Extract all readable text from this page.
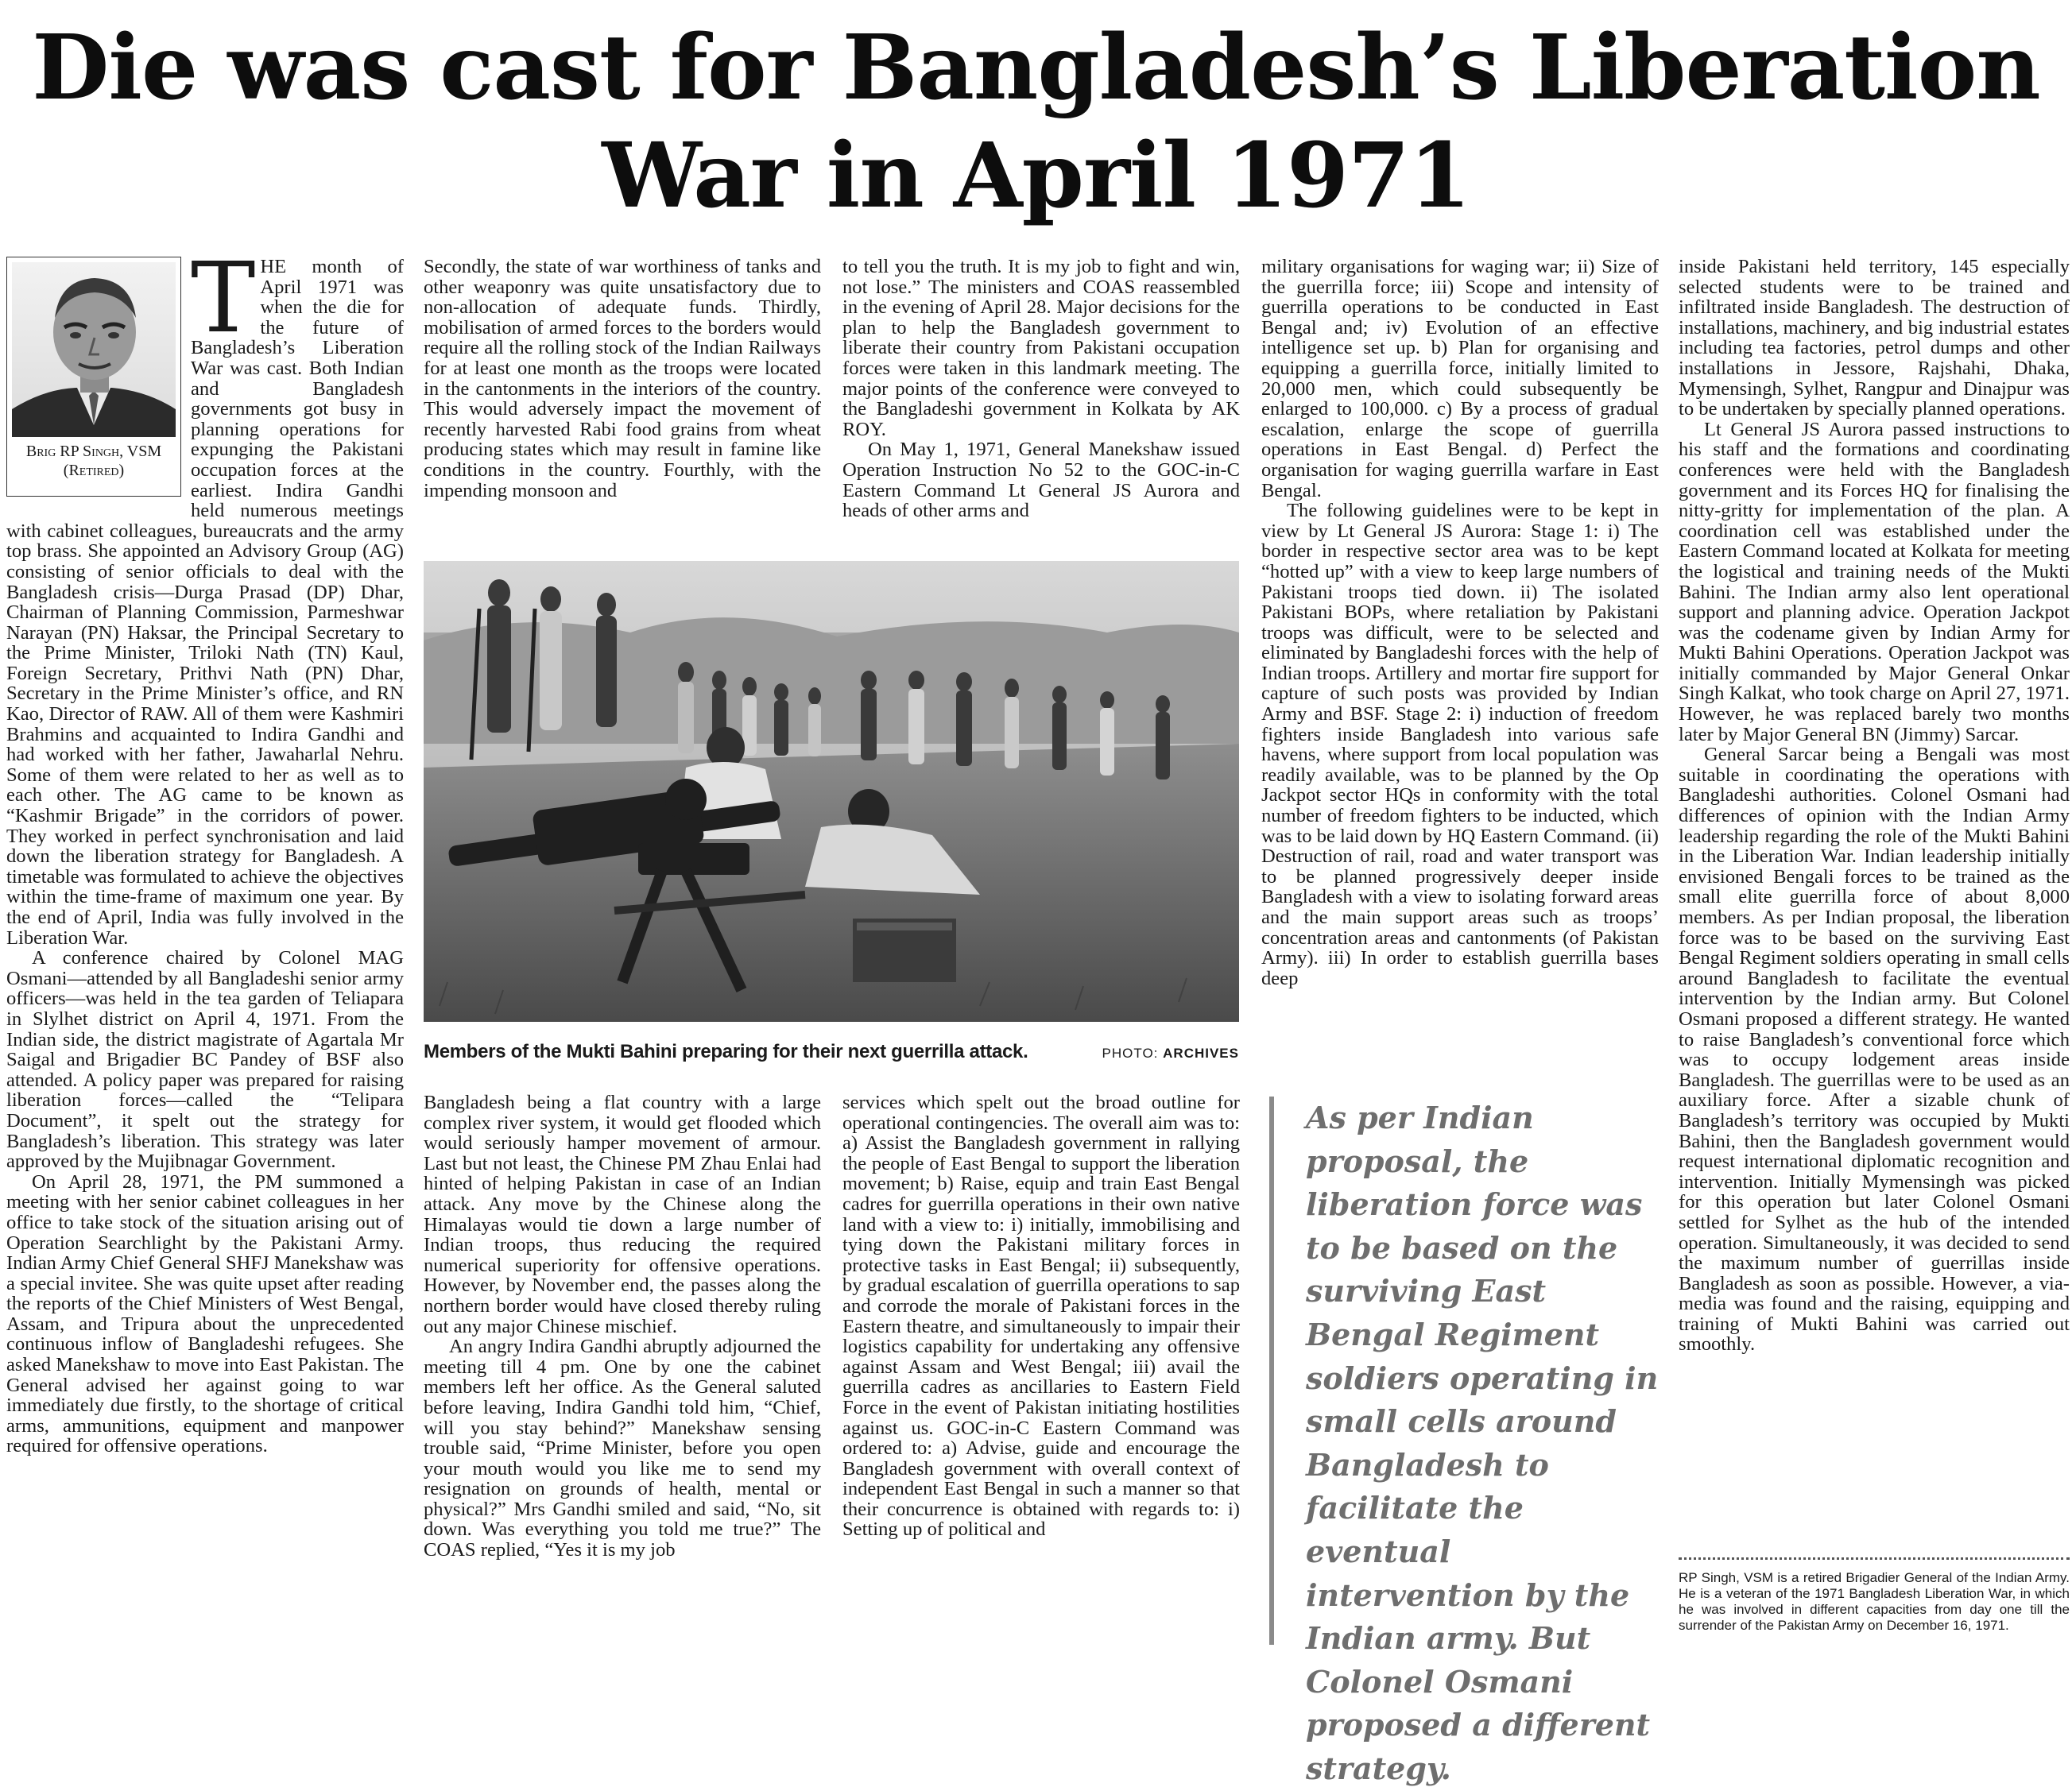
Die was cast for Bangladesh’s Liberation
War in April 1971
Brig RP Singh, VSM
(Retired)

THE month of April 1971 was when the die for the future of Bangladesh’s Liberation War was cast. Both Indian and Bangladesh governments got busy in planning operations for expunging the Pakistani occupation forces at the earliest. Indira Gandhi held numerous meetings with cabinet colleagues, bureaucrats and the army top brass. She appointed an Advisory Group (AG) consisting of senior officials to deal with the Bangladesh crisis—Durga Prasad (DP) Dhar, Chairman of Planning Commission, Parmeshwar Narayan (PN) Haksar, the Principal Secretary to the Prime Minister, Triloki Nath (TN) Kaul, Foreign Secretary, Prithvi Nath (PN) Dhar, Secretary in the Prime Minister’s office, and RN Kao, Director of RAW. All of them were Kashmiri Brahmins and acquainted to Indira Gandhi and had worked with her father, Jawaharlal Nehru. Some of them were related to her as well as to each other. The AG came to be known as “Kashmir Brigade” in the corridors of power. They worked in perfect synchronisation and laid down the liberation strategy for Bangladesh. A timetable was formulated to achieve the objectives within the time-frame of maximum one year. By the end of April, India was fully involved in the Liberation War.

A conference chaired by Colonel MAG Osmani—attended by all Bangladeshi senior army officers—was held in the tea garden of Teliapara in Slylhet district on April 4, 1971. From the Indian side, the district magistrate of Agartala Mr Saigal and Brigadier BC Pandey of BSF also attended. A policy paper was prepared for raising liberation forces—called the “Telipara Document”, it spelt out the strategy for Bangladesh’s liberation. This strategy was later approved by the Mujibnagar Government.

On April 28, 1971, the PM summoned a meeting with her senior cabinet colleagues in her office to take stock of the situation arising out of Operation Searchlight by the Pakistani Army. Indian Army Chief General SHFJ Manekshaw was a special invitee. She was quite upset after reading the reports of the Chief Ministers of West Bengal, Assam, and Tripura about the unprecedented continuous inflow of Bangladeshi refugees. She asked Manekshaw to move into East Pakistan. The General advised her against going to war immediately due firstly, to the shortage of critical arms, ammunitions, equipment and manpower required for offensive operations.

Secondly, the state of war worthiness of tanks and other weaponry was quite unsatisfactory due to non-allocation of adequate funds. Thirdly, mobilisation of armed forces to the borders would require all the rolling stock of the Indian Railways for at least one month as the troops were located in the cantonments in the interiors of the country. This would adversely impact the movement of recently harvested Rabi food grains from wheat producing states which may result in famine like conditions in the country. Fourthly, with the impending monsoon and

to tell you the truth. It is my job to fight and win, not lose.” The ministers and COAS reassembled in the evening of April 28. Major decisions for the plan to help the Bangladesh government to liberate their country from Pakistani occupation forces were taken in this landmark meeting. The major points of the conference were conveyed to the Bangladeshi government in Kolkata by AK ROY.

On May 1, 1971, General Manekshaw issued Operation Instruction No 52 to the GOC-in-C Eastern Command Lt General JS Aurora and heads of other arms and

Members of the Mukti Bahini preparing for their next guerrilla attack.	PHOTO: ARCHIVES

Bangladesh being a flat country with a large complex river system, it would get flooded which would seriously hamper movement of armour. Last but not least, the Chinese PM Zhau Enlai had hinted of helping Pakistan in case of an Indian attack. Any move by the Chinese along the Himalayas would tie down a large number of Indian troops, thus reducing the required numerical superiority for offensive operations. However, by November end, the passes along the northern border would have closed thereby ruling out any major Chinese mischief.

An angry Indira Gandhi abruptly adjourned the meeting till 4 pm. One by one the cabinet members left her office. As the General saluted before leaving, Indira Gandhi told him, “Chief, will you stay behind?” Manekshaw sensing trouble said, “Prime Minister, before you open your mouth would you like me to send my resignation on grounds of health, mental or physical?” Mrs Gandhi smiled and said, “No, sit down. Was everything you told me true?” The COAS replied, “Yes it is my job

services which spelt out the broad outline for operational contingencies. The overall aim was to: a) Assist the Bangladesh government in rallying the people of East Bengal to support the liberation movement; b) Raise, equip and train East Bengal cadres for guerrilla operations in their own native land with a view to: i) initially, immobilising and tying down the Pakistani military forces in protective tasks in East Bengal; ii) subsequently, by gradual escalation of guerrilla operations to sap and corrode the morale of Pakistani forces in the Eastern theatre, and simultaneously to impair their logistics capability for undertaking any offensive against Assam and West Bengal; iii) avail the guerrilla cadres as ancillaries to Eastern Field Force in the event of Pakistan initiating hostilities against us. GOC-in-C Eastern Command was ordered to: a) Advise, guide and encourage the Bangladesh government with overall context of independent East Bengal in such a manner so that their concurrence is obtained with regards to: i) Setting up of political and

military organisations for waging war; ii) Size of the guerrilla force; iii) Scope and intensity of guerrilla operations to be conducted in East Bengal and; iv) Evolution of an effective intelligence set up. b) Plan for organising and equipping a guerrilla force, initially limited to 20,000 men, which could subsequently be enlarged to 100,000. c) By a process of gradual escalation, enlarge the scope of guerrilla operations in East Bengal. d) Perfect the organisation for waging guerrilla warfare in East Bengal.

The following guidelines were to be kept in view by Lt General JS Aurora: Stage 1: i) The border in respective sector area was to be kept “hotted up” with a view to keep large numbers of Pakistani troops tied down. ii) The isolated Pakistani BOPs, where retaliation by Pakistani troops was difficult, were to be selected and eliminated by Bangladeshi forces with the help of Indian troops. Artillery and mortar fire support for capture of such posts was provided by Indian Army and BSF. Stage 2: i) induction of freedom fighters inside Bangladesh into various safe havens, where support from local population was readily available, was to be planned by the Op Jackpot sector HQs in conformity with the total number of freedom fighters to be inducted, which was to be laid down by HQ Eastern Command. (ii) Destruction of rail, road and water transport was to be planned progressively deeper inside Bangladesh with a view to isolating forward areas and the main support areas such as troops’ concentration areas and cantonments (of Pakistan Army). iii) In order to establish guerrilla bases deep

As per Indian proposal, the liberation force was to be based on the surviving East Bengal Regiment soldiers operating in small cells around Bangladesh to facilitate the eventual intervention by the Indian army. But Colonel Osmani proposed a different strategy.

inside Pakistani held territory, 145 especially selected students were to be trained and infiltrated inside Bangladesh. The destruction of installations, machinery, and big industrial estates including tea factories, petrol dumps and other installations in Jessore, Rajshahi, Dhaka, Mymensingh, Sylhet, Rangpur and Dinajpur was to be undertaken by specially planned operations.

Lt General JS Aurora passed instructions to his staff and the formations and coordinating conferences were held with the Bangladesh government and its Forces HQ for finalising the nitty-gritty for implementation of the plan. A coordination cell was established under the Eastern Command located at Kolkata for meeting the logistical and training needs of the Mukti Bahini. The Indian army also lent operational support and planning advice. Operation Jackpot was the codename given by Indian Army for Mukti Bahini Operations. Operation Jackpot was initially commanded by Major General Onkar Singh Kalkat, who took charge on April 27, 1971. However, he was replaced barely two months later by Major General BN (Jimmy) Sarcar.

General Sarcar being a Bengali was most suitable in coordinating the operations with Bangladeshi authorities. Colonel Osmani had differences of opinion with the Indian Army leadership regarding the role of the Mukti Bahini in the Liberation War. Indian leadership initially envisioned Bengali forces to be trained as the small elite guerrilla force of about 8,000 members. As per Indian proposal, the liberation force was to be based on the surviving East Bengal Regiment soldiers operating in small cells around Bangladesh to facilitate the eventual intervention by the Indian army. But Colonel Osmani proposed a different strategy. He wanted to raise Bangladesh’s conventional force which was to occupy lodgement areas inside Bangladesh. The guerrillas were to be used as an auxiliary force. After a sizable chunk of Bangladesh’s territory was occupied by Mukti Bahini, then the Bangladesh government would request international diplomatic recognition and intervention. Initially Mymensingh was picked for this operation but later Colonel Osmani settled for Sylhet as the hub of the intended operation. Simultaneously, it was decided to send the maximum number of guerrillas inside Bangladesh as soon as possible. However, a via-media was found and the raising, equipping and training of Mukti Bahini was carried out smoothly.

RP Singh, VSM is a retired Brigadier General of the Indian Army. He is a veteran of the 1971 Bangladesh Liberation War, in which he was involved in different capacities from day one till the surrender of the Pakistan Army on December 16, 1971.
